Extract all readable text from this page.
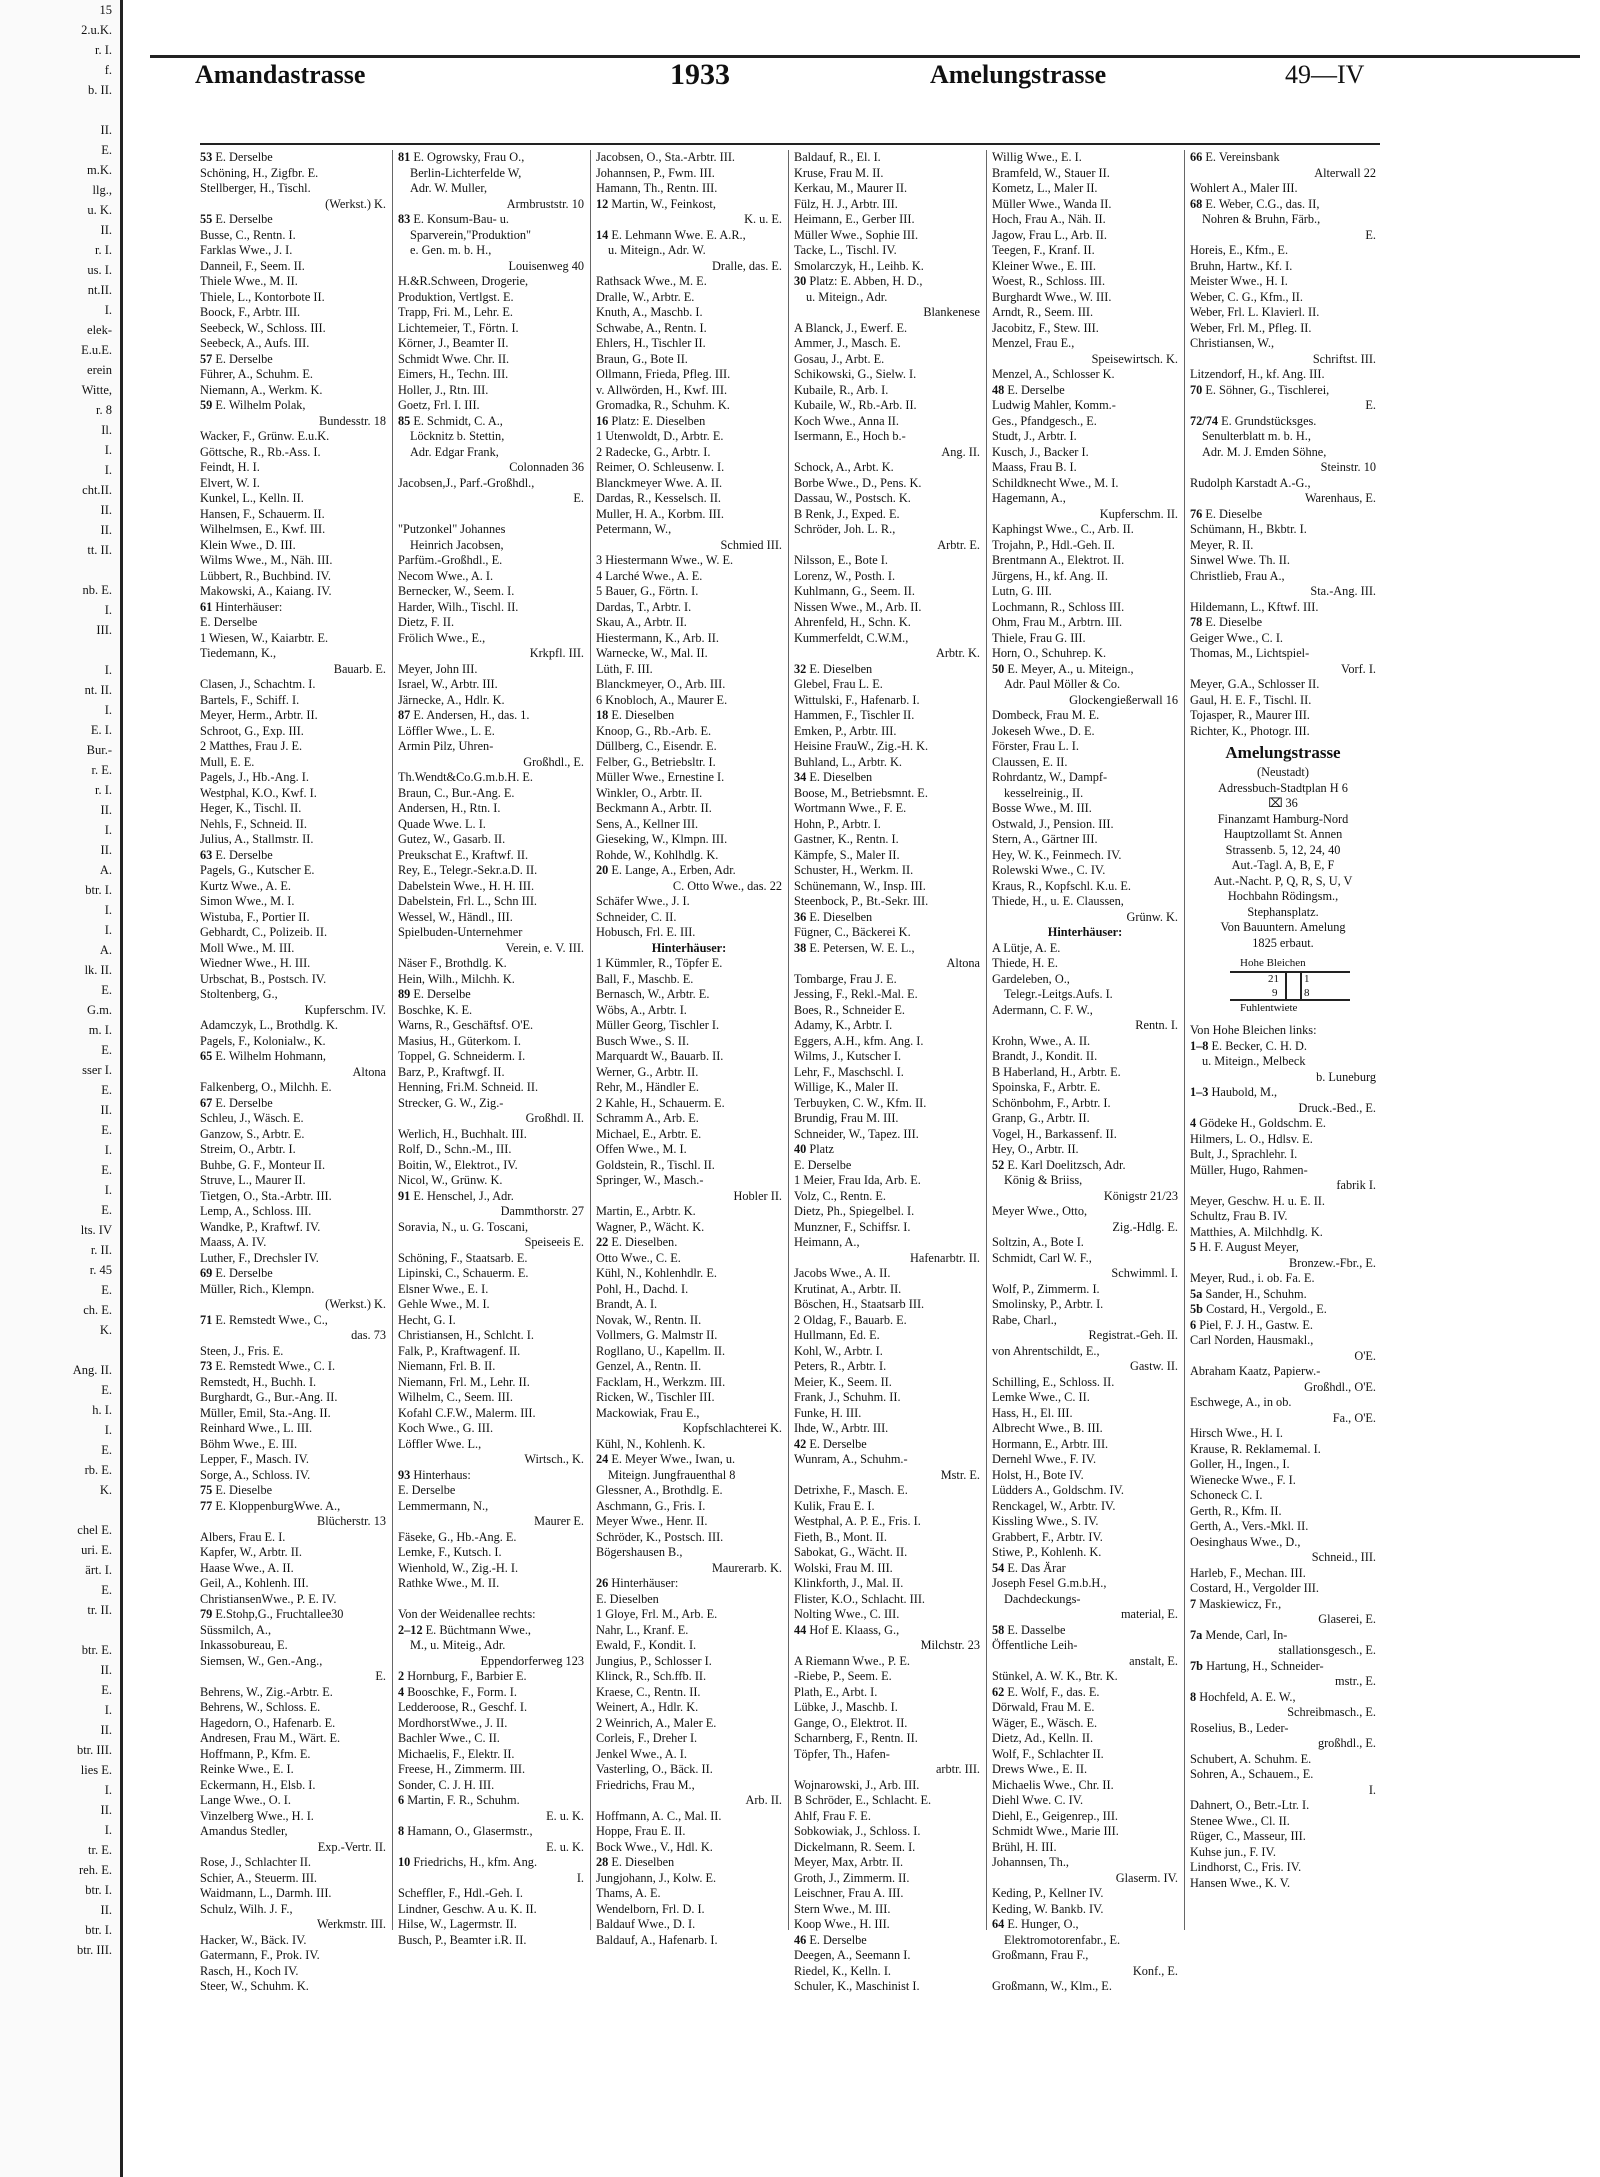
15
2.u.K.
r. I.
f.
b. II.

II.
E.
m.K.
llg.,
u. K.
II.
r. I.
us. I.
nt.II.
I.
elek-
E.u.E.
erein
Witte,
r. 8
Il.
I.
I.
cht.II.
II.
II.
tt. II.

nb. E.
I.
III.

I.
nt. II.
I.
E. I.
Bur.-
r. E.
r. I.
II.
I.
II.
A.
btr. I.
I.
I.
A.
lk. II.
E.
G.m.
m. I.
E.
sser I.
E.
II.
E.
I.
E.
I.
E.
lts. IV
r. II.
r. 45
E.
ch. E.
K.

Ang. II.
E.
h. I.
I.
E.
rb. E.
K.

chel E.
uri. E.
ärt. I.
E.
tr. II.

btr. E.
II.
E.
I.
II.
btr. III.
lies E.
I.
II.
I.
tr. E.
reh. E.
btr. I.
II.
btr. I.
btr. III.
Amandastrasse	1933	Amelungstrasse	49—IV
53 E. Derselbe
Schöning, H., Zigfbr. E.
Stellberger, H., Tischl.
(Werkst.) K.
55 E. Derselbe
Busse, C., Rentn. I.
Farklas Wwe., J. I.
Danneil, F., Seem. II.
Thiele Wwe., M. II.
Thiele, L., Kontorbote II.
Boock, F., Arbtr. III.
Seebeck, W., Schloss. III.
Seebeck, A., Aufs. III.
57 E. Derselbe
Führer, A., Schuhm. E.
Niemann, A., Werkm. K.
59 E. Wilhelm Polak,
Bundesstr. 18
Wacker, F., Grünw. E.u.K.
Göttsche, R., Rb.-Ass. I.
Feindt, H. I.
Elvert, W. I.
Kunkel, L., Kelln. II.
Hansen, F., Schauerm. II.
Wilhelmsen, E., Kwf. III.
Klein Wwe., D. III.
Wilms Wwe., M., Näh. III.
Lübbert, R., Buchbind. IV.
Makowski, A., Kaiang. IV.
61 Hinterhäuser:
E. Derselbe
1 Wiesen, W., Kaiarbtr. E.
Tiedemann, K.,
Bauarb. E.
Clasen, J., Schachtm. I.
Bartels, F., Schiff. I.
Meyer, Herm., Arbtr. II.
Schroot, G., Exp. III.
2 Matthes, Frau J. E.
Mull, E. E.
Pagels, J., Hb.-Ang. I.
Westphal, K.O., Kwf. I.
Heger, K., Tischl. II.
Nehls, F., Schneid. II.
Julius, A., Stallmstr. II.
63 E. Derselbe
Pagels, G., Kutscher E.
Kurtz Wwe., A. E.
Simon Wwe., M. I.
Wistuba, F., Portier II.
Gebhardt, C., Polizeib. II.
Moll Wwe., M. III.
Wiedner Wwe., H. III.
Urbschat, B., Postsch. IV.
Stoltenberg, G.,
Kupferschm. IV.
Adamczyk, L., Brothdlg. K.
Pagels, F., Kolonialw., K.
65 E. Wilhelm Hohmann,
Altona
Falkenberg, O., Milchh. E.
67 E. Derselbe
Schleu, J., Wäsch. E.
Ganzow, S., Arbtr. E.
Streim, O., Arbtr. I.
Buhbe, G. F., Monteur II.
Struve, L., Maurer II.
Tietgen, O., Sta.-Arbtr. III.
Lemp, A., Schloss. III.
Wandke, P., Kraftwf. IV.
Maass, A. IV.
Luther, F., Drechsler IV.
69 E. Derselbe
Müller, Rich., Klempn.
(Werkst.) K.
71 E. Remstedt Wwe., C.,
das. 73
Steen, J., Fris. E.
73 E. Remstedt Wwe., C. I.
Remstedt, H., Buchh. I.
Burghardt, G., Bur.-Ang. II.
Müller, Emil, Sta.-Ang. II.
Reinhard Wwe., L. III.
Böhm Wwe., E. III.
Lepper, F., Masch. IV.
Sorge, A., Schloss. IV.
75 E. Dieselbe
77 E. KloppenburgWwe. A.,
Blücherstr. 13
Albers, Frau E. I.
Kapfer, W., Arbtr. II.
Haase Wwe., A. II.
Geil, A., Kohlenh. III.
ChristiansenWwe., P. E. IV.
79 E.Stohp,G., Fruchtallee30
Süssmilch, A.,
Inkassobureau, E.
Siemsen, W., Gen.-Ang.,
E.
Behrens, W., Zig.-Arbtr. E.
Behrens, W., Schloss. E.
Hagedorn, O., Hafenarb. E.
Andresen, Frau M., Wärt. E.
Hoffmann, P., Kfm. E.
Reinke Wwe., E. I.
Eckermann, H., Elsb. I.
Lange Wwe., O. I.
Vinzelberg Wwe., H. I.
Amandus Stedler,
Exp.-Vertr. II.
Rose, J., Schlachter II.
Schier, A., Steuerm. III.
Waidmann, L., Darmh. III.
Schulz, Wilh. J. F.,
Werkmstr. III.
Hacker, W., Bäck. IV.
Gatermann, F., Prok. IV.
Rasch, H., Koch IV.
Steer, W., Schuhm. K.
81 E. Ogrowsky, Frau O.,
Berlin-Lichterfelde W,
Adr. W. Muller,
Armbruststr. 10
83 E. Konsum-Bau- u.
Sparverein,"Produktion"
e. Gen. m. b. H.,
Louisenweg 40
H.&R.Schween, Drogerie,
Produktion, Vertlgst. E.
Trapp, Fri. M., Lehr. E.
Lichtemeier, T., Förtn. I.
Körner, J., Beamter II.
Schmidt Wwe. Chr. II.
Eimers, H., Techn. III.
Holler, J., Rtn. III.
Goetz, Frl. I. III.
85 E. Schmidt, C. A.,
Löcknitz b. Stettin,
Adr. Edgar Frank,
Colonnaden 36
Jacobsen,J., Parf.-Großhdl.,
E.

"Putzonkel" Johannes
Heinrich Jacobsen,
Parfüm.-Großhdl., E.
Necom Wwe., A. I.
Bernecker, W., Seem. I.
Harder, Wilh., Tischl. II.
Dietz, F. II.
Frölich Wwe., E.,
Krkpfl. III.
Meyer, John III.
Israel, W., Arbtr. III.
Järnecke, A., Hdlr. K.
87 E. Andersen, H., das. 1.
Löffler Wwe., L. E.
Armin Pilz, Uhren-
Großhdl., E.
Th.Wendt&Co.G.m.b.H. E.
Braun, C., Bur.-Ang. E.
Andersen, H., Rtn. I.
Quade Wwe. L. I.
Gutez, W., Gasarb. II.
Preukschat E., Kraftwf. II.
Rey, E., Telegr.-Sekr.a.D. II.
Dabelstein Wwe., H. H. III.
Dabelstein, Frl. L., Schn III.
Wessel, W., Händl., III.
Spielbuden-Unternehmer
Verein, e. V. III.
Näser F., Brothdlg. K.
Hein, Wilh., Milchh. K.
89 E. Derselbe
Boschke, K. E.
Warns, R., Geschäftsf. O'E.
Masius, H., Güterkom. I.
Toppel, G. Schneiderm. I.
Barz, P., Kraftwgf. II.
Henning, Fri.M. Schneid. II.
Strecker, G. W., Zig.-
Großhdl. II.
Werlich, H., Buchhalt. III.
Rolf, D., Schn.-M., III.
Boitin, W., Elektrot., IV.
Nicol, W., Grünw. K.
91 E. Henschel, J., Adr.
Dammthorstr. 27
Soravia, N., u. G. Toscani,
Speiseeis E.
Schöning, F., Staatsarb. E.
Lipinski, C., Schauerm. E.
Elsner Wwe., E. I.
Gehle Wwe., M. I.
Hecht, G. I.
Christiansen, H., Schlcht. I.
Falk, P., Kraftwagenf. II.
Niemann, Frl. B. II.
Niemann, Frl. M., Lehr. II.
Wilhelm, C., Seem. III.
Kofahl C.F.W., Malerm. III.
Koch Wwe., G. III.
Löffler Wwe. L.,
Wirtsch., K.
93 Hinterhaus:
E. Derselbe
Lemmermann, N.,
Maurer E.
Fäseke, G., Hb.-Ang. E.
Lemke, F., Kutsch. I.
Wienhold, W., Zig.-H. I.
Rathke Wwe., M. II.

Von der Weidenallee rechts:
2–12 E. Büchtmann Wwe.,
M., u. Miteig., Adr.
Eppendorferweg 123
2 Hornburg, F., Barbier E.
4 Booschke, F., Form. I.
Ledderoose, R., Geschf. I.
MordhorstWwe., J. II.
Bachler Wwe., C. II.
Michaelis, F., Elektr. II.
Freese, H., Zimmerm. III.
Sonder, C. J. H. III.
6 Martin, F. R., Schuhm.
E. u. K.
8 Hamann, O., Glasermstr.,
E. u. K.
10 Friedrichs, H., kfm. Ang.
I.
Scheffler, F., Hdl.-Geh. I.
Lindner, Geschw. A u. K. II.
Hilse, W., Lagermstr. II.
Busch, P., Beamter i.R. II.
Jacobsen, O., Sta.-Arbtr. III.
Johannsen, P., Fwm. III.
Hamann, Th., Rentn. III.
12 Martin, W., Feinkost,
K. u. E.
14 E. Lehmann Wwe. E. A.R.,
u. Miteign., Adr. W.
Dralle, das. E.
Rathsack Wwe., M. E.
Dralle, W., Arbtr. E.
Knuth, A., Maschb. I.
Schwabe, A., Rentn. I.
Ehlers, H., Tischler II.
Braun, G., Bote II.
Ollmann, Frieda, Pfleg. III.
v. Allwörden, H., Kwf. III.
Gromadka, R., Schuhm. K.
16 Platz: E. Dieselben
1 Utenwoldt, D., Arbtr. E.
2 Radecke, G., Arbtr. I.
Reimer, O. Schleusenw. I.
Blanckmeyer Wwe. A. II.
Dardas, R., Kesselsch. II.
Muller, H. A., Korbm. III.
Petermann, W.,
Schmied III.
3 Hiestermann Wwe., W. E.
4 Larché Wwe., A. E.
5 Bauer, G., Förtn. I.
Dardas, T., Arbtr. I.
Skau, A., Arbtr. II.
Hiestermann, K., Arb. II.
Warnecke, W., Mal. II.
Lüth, F. III.
Blanckmeyer, O., Arb. III.
6 Knobloch, A., Maurer E.
18 E. Dieselben
Knoop, G., Rb.-Arb. E.
Düllberg, C., Eisendr. E.
Felber, G., Betriebsltr. I.
Müller Wwe., Ernestine I.
Winkler, O., Arbtr. II.
Beckmann A., Arbtr. II.
Sens, A., Kellner III.
Gieseking, W., Klmpn. III.
Rohde, W., Kohlhdlg. K.
20 E. Lange, A., Erben, Adr.
C. Otto Wwe., das. 22
Schäfer Wwe., J. I.
Schneider, C. II.
Hobusch, Frl. E. III.
Hinterhäuser:
1 Kümmler, R., Töpfer E.
Ball, F., Maschb. E.
Bernasch, W., Arbtr. E.
Wöbs, A., Arbtr. I.
Müller Georg, Tischler I.
Busch Wwe., S. II.
Marquardt W., Bauarb. II.
Werner, G., Arbtr. II.
Rehr, M., Händler E.
2 Kahle, H., Schauerm. E.
Schramm A., Arb. E.
Michael, E., Arbtr. E.
Offen Wwe., M. I.
Goldstein, R., Tischl. II.
Springer, W., Masch.-
Hobler II.
Martin, E., Arbtr. K.
Wagner, P., Wächt. K.
22 E. Dieselben.
Otto Wwe., C. E.
Kühl, N., Kohlenhdlr. E.
Pohl, H., Dachd. I.
Brandt, A. I.
Novak, W., Rentn. II.
Vollmers, G. Malmstr II.
Rogllano, U., Kapellm. II.
Genzel, A., Rentn. II.
Facklam, H., Werkzm. III.
Ricken, W., Tischler III.
Mackowiak, Frau E.,
Kopfschlachterei K.
Kühl, N., Kohlenh. K.
24 E. Meyer Wwe., Iwan, u.
Miteign. Jungfrauenthal 8
Glessner, A., Brothdlg. E.
Aschmann, G., Fris. I.
Meyer Wwe., Henr. II.
Schröder, K., Postsch. III.
Bögershausen B.,
Maurerarb. K.
26 Hinterhäuser:
E. Dieselben
1 Gloye, Frl. M., Arb. E.
Nahr, L., Kranf. E.
Ewald, F., Kondit. I.
Jungius, P., Schlosser I.
Klinck, R., Sch.ffb. II.
Kraese, C., Rentn. II.
Weinert, A., Hdlr. K.
2 Weinrich, A., Maler E.
Corleis, F., Dreher I.
Jenkel Wwe., A. I.
Vasterling, O., Bäck. II.
Friedrichs, Frau M.,
Arb. II.
Hoffmann, A. C., Mal. II.
Hoppe, Frau E. II.
Bock Wwe., V., Hdl. K.
28 E. Dieselben
Jungjohann, J., Kolw. E.
Thams, A. E.
Wendelborn, Frl. D. I.
Baldauf Wwe., D. I.
Baldauf, A., Hafenarb. I.
Baldauf, R., El. I.
Kruse, Frau M. II.
Kerkau, M., Maurer II.
Fülz, H. J., Arbtr. III.
Heimann, E., Gerber III.
Müller Wwe., Sophie III.
Tacke, L., Tischl. IV.
Smolarczyk, H., Leihb. K.
30 Platz: E. Abben, H. D.,
u. Miteign., Adr.
Blankenese
A Blanck, J., Ewerf. E.
Ammer, J., Masch. E.
Gosau, J., Arbt. E.
Schikowski, G., Sielw. I.
Kubaile, R., Arb. I.
Kubaile, W., Rb.-Arb. II.
Koch Wwe., Anna II.
Isermann, E., Hoch b.-
Ang. II.
Schock, A., Arbt. K.
Borbe Wwe., D., Pens. K.
Dassau, W., Postsch. K.
B Renk, J., Exped. E.
Schröder, Joh. L. R.,
Arbtr. E.
Nilsson, E., Bote I.
Lorenz, W., Posth. I.
Kuhlmann, G., Seem. II.
Nissen Wwe., M., Arb. II.
Ahrenfeld, H., Schn. K.
Kummerfeldt, C.W.M.,
Arbtr. K.
32 E. Dieselben
Glebel, Frau L. E.
Wittulski, F., Hafenarb. I.
Hammen, F., Tischler II.
Emken, P., Arbtr. III.
Heisine FrauW., Zig.-H. K.
Buhland, L., Arbtr. K.
34 E. Dieselben
Boose, M., Betriebsmnt. E.
Wortmann Wwe., F. E.
Hohn, P., Arbtr. I.
Gastner, K., Rentn. I.
Kämpfe, S., Maler II.
Schuster, H., Werkm. II.
Schünemann, W., Insp. III.
Steenbock, P., Bt.-Sekr. III.
36 E. Dieselben
Fügner, C., Bäckerei K.
38 E. Petersen, W. E. L.,
Altona
Tombarge, Frau J. E.
Jessing, F., Rekl.-Mal. E.
Boes, R., Schneider E.
Adamy, K., Arbtr. I.
Eggers, A.H., kfm. Ang. I.
Wilms, J., Kutscher I.
Lehr, F., Maschschl. I.
Willige, K., Maler II.
Terbuyken, C. W., Kfm. II.
Brundig, Frau M. III.
Schneider, W., Tapez. III.
40 Platz
E. Derselbe
1 Meier, Frau Ida, Arb. E.
Volz, C., Rentn. E.
Dietz, Ph., Spiegelbel. I.
Munzner, F., Schiffsr. I.
Heimann, A.,
Hafenarbtr. II.
Jacobs Wwe., A. II.
Krutinat, A., Arbtr. II.
Böschen, H., Staatsarb III.
2 Oldag, F., Bauarb. E.
Hullmann, Ed. E.
Kohl, W., Arbtr. I.
Peters, R., Arbtr. I.
Meier, K., Seem. II.
Frank, J., Schuhm. II.
Funke, H. III.
Ihde, W., Arbtr. III.
42 E. Derselbe
Wunram, A., Schuhm.-
Mstr. E.
Detrixhe, F., Masch. E.
Kulik, Frau E. I.
Westphal, A. P. E., Fris. I.
Fieth, B., Mont. II.
Sabokat, G., Wächt. II.
Wolski, Frau M. III.
Klinkforth, J., Mal. II.
Flister, K.O., Schlacht. III.
Nolting Wwe., C. III.
44 Hof E. Klaass, G.,
Milchstr. 23
A Riemann Wwe., P. E.
-Riebe, P., Seem. E.
Plath, E., Arbt. I.
Lübke, J., Maschb. I.
Gange, O., Elektrot. II.
Scharnberg, F., Rentn. II.
Töpfer, Th., Hafen-
arbtr. III.
Wojnarowski, J., Arb. III.
B Schröder, E., Schlacht. E.
Ahlf, Frau F. E.
Sobkowiak, J., Schloss. I.
Dickelmann, R. Seem. I.
Meyer, Max, Arbtr. II.
Groth, J., Zimmerm. II.
Leischner, Frau A. III.
Stern Wwe., M. III.
Koop Wwe., H. III.
46 E. Derselbe
Deegen, A., Seemann I.
Riedel, K., Kelln. I.
Schuler, K., Maschinist I.
Willig Wwe., E. I.
Bramfeld, W., Stauer II.
Kometz, L., Maler II.
Müller Wwe., Wanda II.
Hoch, Frau A., Näh. II.
Jagow, Frau L., Arb. II.
Teegen, F., Kranf. II.
Kleiner Wwe., E. III.
Woest, R., Schloss. III.
Burghardt Wwe., W. III.
Arndt, R., Seem. III.
Jacobitz, F., Stew. III.
Menzel, Frau E.,
Speisewirtsch. K.
Menzel, A., Schlosser K.
48 E. Derselbe
Ludwig Mahler, Komm.-
Ges., Pfandgesch., E.
Studt, J., Arbtr. I.
Kusch, J., Backer I.
Maass, Frau B. I.
Schildknecht Wwe., M. I.
Hagemann, A.,
Kupferschm. II.
Kaphingst Wwe., C., Arb. II.
Trojahn, P., Hdl.-Geh. II.
Brentmann A., Elektrot. II.
Jürgens, H., kf. Ang. II.
Lutn, G. III.
Lochmann, R., Schloss III.
Ohm, Frau M., Arbtrn. III.
Thiele, Frau G. III.
Horn, O., Schuhrep. K.
50 E. Meyer, A., u. Miteign.,
Adr. Paul Möller & Co.
Glockengießerwall 16
Dombeck, Frau M. E.
Jokeseh Wwe., D. E.
Förster, Frau L. I.
Claussen, E. II.
Rohrdantz, W., Dampf-
kesselreinig., II.
Bosse Wwe., M. III.
Ostwald, J., Pension. III.
Stern, A., Gärtner III.
Hey, W. K., Feinmech. IV.
Rolewski Wwe., C. IV.
Kraus, R., Kopfschl. K.u. E.
Thiede, H., u. E. Claussen,
Grünw. K.
Hinterhäuser:
A Lütje, A. E.
Thiede, H. E.
Gardeleben, O.,
Telegr.-Leitgs.Aufs. I.
Adermann, C. F. W.,
Rentn. I.
Krohn, Wwe., A. II.
Brandt, J., Kondit. II.
B Haberland, H., Arbtr. E.
Spoinska, F., Arbtr. E.
Schönbohm, F., Arbtr. I.
Granp, G., Arbtr. II.
Vogel, H., Barkassenf. II.
Hey, O., Arbtr. II.
52 E. Karl Doelitzsch, Adr.
König & Briiss,
Königstr 21/23
Meyer Wwe., Otto,
Zig.-Hdlg. E.
Soltzin, A., Bote I.
Schmidt, Carl W. F.,
Schwimml. I.
Wolf, P., Zimmerm. I.
Smolinsky, P., Arbtr. I.
Rabe, Charl.,
Registrat.-Geh. II.
von Ahrentschildt, E.,
Gastw. II.
Schilling, E., Schloss. II.
Lemke Wwe., C. II.
Hass, H., El. III.
Albrecht Wwe., B. III.
Hormann, E., Arbtr. III.
Dernehl Wwe., F. IV.
Holst, H., Bote IV.
Lüdders A., Goldschm. IV.
Renckagel, W., Arbtr. IV.
Kissling Wwe., S. IV.
Grabbert, F., Arbtr. IV.
Stiwe, P., Kohlenh. K.
54 E. Das Ärar
Joseph Fesel G.m.b.H.,
Dachdeckungs-
material, E.
58 E. Dasselbe
Öffentliche Leih-
anstalt, E.
Stünkel, A. W. K., Btr. K.
62 E. Wolf, F., das. E.
Dörwald, Frau M. E.
Wäger, E., Wäsch. E.
Dietz, Ad., Kelln. II.
Wolf, F., Schlachter II.
Drews Wwe., E. II.
Michaelis Wwe., Chr. II.
Diehl Wwe. C. IV.
Diehl, E., Geigenrep., III.
Schmidt Wwe., Marie III.
Brühl, H. III.
Johannsen, Th.,
Glaserm. IV.
Keding, P., Kellner IV.
Keding, W. Bankb. IV.
64 E. Hunger, O.,
Elektromotorenfabr., E.
Großmann, Frau F.,
Konf., E.
Großmann, W., Klm., E.
66 E. Vereinsbank
Alterwall 22
Wohlert A., Maler III.
68 E. Weber, C.G., das. II,
Nohren & Bruhn, Färb.,
E.
Horeis, E., Kfm., E.
Bruhn, Hartw., Kf. I.
Meister Wwe., H. I.
Weber, C. G., Kfm., II.
Weber, Frl. L. Klavierl. II.
Weber, Frl. M., Pfleg. II.
Christiansen, W.,
Schriftst. III.
Litzendorf, H., kf. Ang. III.
70 E. Söhner, G., Tischlerei,
E.
72/74 E. Grundstücksges.
Senulterblatt m. b. H.,
Adr. M. J. Emden Söhne,
Steinstr. 10
Rudolph Karstadt A.-G.,
Warenhaus, E.
76 E. Dieselbe
Schümann, H., Bkbtr. I.
Meyer, R. II.
Sinwel Wwe. Th. II.
Christlieb, Frau A.,
Sta.-Ang. III.
Hildemann, L., Kftwf. III.
78 E. Dieselbe
Geiger Wwe., C. I.
Thomas, M., Lichtspiel-
Vorf. I.
Meyer, G.A., Schlosser II.
Gaul, H. E. F., Tischl. II.
Tojasper, R., Maurer III.
Richter, K., Photogr. III.
Amelungstrasse
(Neustadt)
Adressbuch-Stadtplan H 6
⌧ 36
Finanzamt Hamburg-Nord
Hauptzollamt St. Annen
Strassenb. 5, 12, 24, 40
Aut.-Tagl. A, B, E, F
Aut.-Nacht. P, Q, R, S, U, V
Hochbahn Rödingsm.,
Stephansplatz.
Von Bauuntern. Amelung
1825 erbaut.
Hohe Bleichen
21 1
9 8
Fuhlentwiete
Von Hohe Bleichen links:
1–8 E. Becker, C. H. D.
u. Miteign., Melbeck
b. Luneburg
1–3 Haubold, M.,
Druck.-Bed., E.
4 Gödeke H., Goldschm. E.
Hilmers, L. O., Hdlsv. E.
Bult, J., Sprachlehr. I.
Müller, Hugo, Rahmen-
fabrik I.
Meyer, Geschw. H. u. E. II.
Schultz, Frau B. IV.
Matthies, A. Milchhdlg. K.
5 H. F. August Meyer,
Bronzew.-Fbr., E.
Meyer, Rud., i. ob. Fa. E.
5a Sander, H., Schuhm.
5b Costard, H., Vergold., E.
6 Piel, F. J. H., Gastw. E.
Carl Norden, Hausmakl.,
O'E.
Abraham Kaatz, Papierw.-
Großhdl., O'E.
Eschwege, A., in ob.
Fa., O'E.
Hirsch Wwe., H. I.
Krause, R. Reklamemal. I.
Goller, H., Ingen., I.
Wienecke Wwe., F. I.
Schoneck C. I.
Gerth, R., Kfm. II.
Gerth, A., Vers.-Mkl. II.
Oesinghaus Wwe., D.,
Schneid., III.
Harleb, F., Mechan. III.
Costard, H., Vergolder III.
7 Maskiewicz, Fr.,
Glaserei, E.
7a Mende, Carl, In-
stallationsgesch., E.
7b Hartung, H., Schneider-
mstr., E.
8 Hochfeld, A. E. W.,
Schreibmasch., E.
Roselius, B., Leder-
großhdl., E.
Schubert, A. Schuhm. E.
Sohren, A., Schauem., E.
I.
Dahnert, O., Betr.-Ltr. I.
Stenee Wwe., Cl. II.
Rüger, C., Masseur, III.
Kuhse jun., F. IV.
Lindhorst, C., Fris. IV.
Hansen Wwe., K. V.
